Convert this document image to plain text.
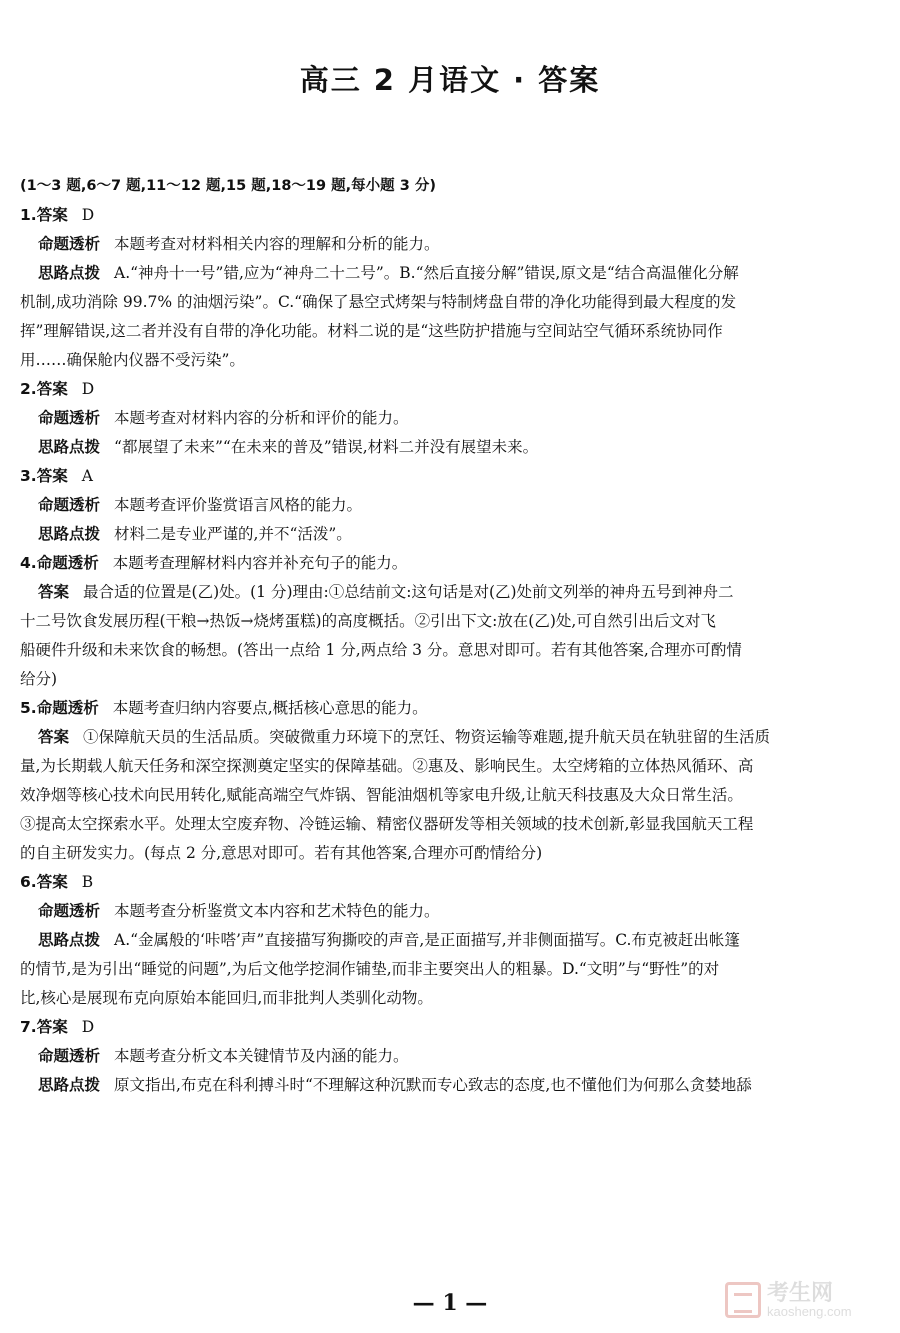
高三 2 月语文 · 答案
(1～3 题,6～7 题,11～12 题,15 题,18～19 题,每小题 3 分)
1.答案 D
命题透析 本题考查对材料相关内容的理解和分析的能力。
思路点拨 A.“神舟十一号”错,应为“神舟二十二号”。B.“然后直接分解”错误,原文是“结合高温催化分解
机制,成功消除 99.7% 的油烟污染”。C.“确保了悬空式烤架与特制烤盘自带的净化功能得到最大程度的发
挥”理解错误,这二者并没有自带的净化功能。材料二说的是“这些防护措施与空间站空气循环系统协同作
用……确保舱内仪器不受污染”。
2.答案 D
命题透析 本题考查对材料内容的分析和评价的能力。
思路点拨 “都展望了未来”“在未来的普及”错误,材料二并没有展望未来。
3.答案 A
命题透析 本题考查评价鉴赏语言风格的能力。
思路点拨 材料二是专业严谨的,并不“活泼”。
4.命题透析 本题考查理解材料内容并补充句子的能力。
答案 最合适的位置是(乙)处。(1 分)理由:①总结前文:这句话是对(乙)处前文列举的神舟五号到神舟二
十二号饮食发展历程(干粮→热饭→烧烤蛋糕)的高度概括。②引出下文:放在(乙)处,可自然引出后文对飞
船硬件升级和未来饮食的畅想。(答出一点给 1 分,两点给 3 分。意思对即可。若有其他答案,合理亦可酌情
给分)
5.命题透析 本题考查归纳内容要点,概括核心意思的能力。
答案 ①保障航天员的生活品质。突破微重力环境下的烹饪、物资运输等难题,提升航天员在轨驻留的生活质
量,为长期载人航天任务和深空探测奠定坚实的保障基础。②惠及、影响民生。太空烤箱的立体热风循环、高
效净烟等核心技术向民用转化,赋能高端空气炸锅、智能油烟机等家电升级,让航天科技惠及大众日常生活。
③提高太空探索水平。处理太空废弃物、冷链运输、精密仪器研发等相关领域的技术创新,彰显我国航天工程
的自主研发实力。(每点 2 分,意思对即可。若有其他答案,合理亦可酌情给分)
6.答案 B
命题透析 本题考查分析鉴赏文本内容和艺术特色的能力。
思路点拨 A.“金属般的‘咔嗒’声”直接描写狗撕咬的声音,是正面描写,并非侧面描写。C.布克被赶出帐篷
的情节,是为引出“睡觉的问题”,为后文他学挖洞作铺垫,而非主要突出人的粗暴。D.“文明”与“野性”的对
比,核心是展现布克向原始本能回归,而非批判人类驯化动物。
7.答案 D
命题透析 本题考查分析文本关键情节及内涵的能力。
思路点拨 原文指出,布克在科利搏斗时“不理解这种沉默而专心致志的态度,也不懂他们为何那么贪婪地舔
— 1 —	考生网
kaosheng.com
